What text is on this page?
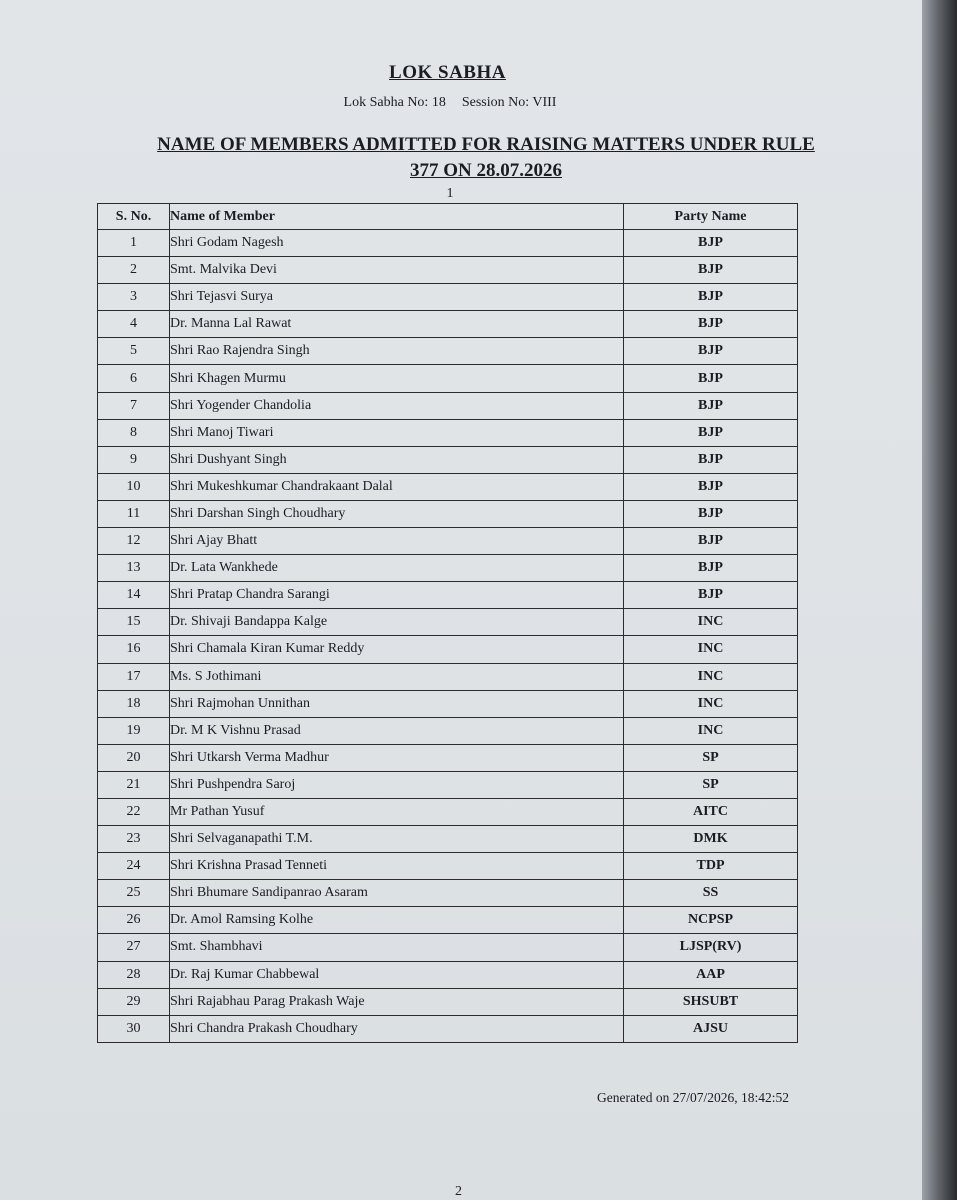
LOK SABHA
Lok Sabha No: 18 Session No: VIII
NAME OF MEMBERS ADMITTED FOR RAISING MATTERS UNDER RULE
377 ON 28.07.2026
1
S. No.	Name of Member	Party Name
1	Shri Godam Nagesh	BJP
2	Smt. Malvika Devi	BJP
3	Shri Tejasvi Surya	BJP
4	Dr. Manna Lal Rawat	BJP
5	Shri Rao Rajendra Singh	BJP
6	Shri Khagen Murmu	BJP
7	Shri Yogender Chandolia	BJP
8	Shri Manoj Tiwari	BJP
9	Shri Dushyant Singh	BJP
10	Shri Mukeshkumar Chandrakaant Dalal	BJP
11	Shri Darshan Singh Choudhary	BJP
12	Shri Ajay Bhatt	BJP
13	Dr. Lata Wankhede	BJP
14	Shri Pratap Chandra Sarangi	BJP
15	Dr. Shivaji Bandappa Kalge	INC
16	Shri Chamala Kiran Kumar Reddy	INC
17	Ms. S Jothimani	INC
18	Shri Rajmohan Unnithan	INC
19	Dr. M K Vishnu Prasad	INC
20	Shri Utkarsh Verma Madhur	SP
21	Shri Pushpendra Saroj	SP
22	Mr Pathan Yusuf	AITC
23	Shri Selvaganapathi T.M.	DMK
24	Shri Krishna Prasad Tenneti	TDP
25	Shri Bhumare Sandipanrao Asaram	SS
26	Dr. Amol Ramsing Kolhe	NCPSP
27	Smt. Shambhavi	LJSP(RV)
28	Dr. Raj Kumar Chabbewal	AAP
29	Shri Rajabhau Parag Prakash Waje	SHSUBT
30	Shri Chandra Prakash Choudhary	AJSU
Generated on 27/07/2026, 18:42:52
2
